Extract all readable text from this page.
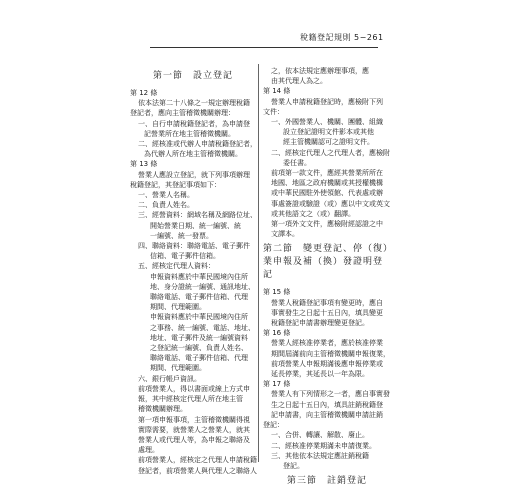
稅籍登記規則 5−261
第一節　設立登記
第 12 條
依本法第二十八條之一規定辦理稅籍
登記者，應向主管稽徵機關辦理：
一、自行申請稅籍登記者，為申請登
記營業所在地主管稽徵機關。
二、經核准或代辦人申請稅籍登記者，
為代辦人所在地主管稽徵機關。
第 13 條
營業人應設立登記，就下列事項辦理
稅籍登記，其登記事項如下：
一、營業人名稱。
二、負責人姓名。
三、經營資料：網域名稱及網路位址、
開始營業日期、統一編號、統
一編號、統一發票。
四、聯絡資料：聯絡電話、電子郵件
信箱、電子郵件信箱。
五、經核定代理人資料：
申報資料應於中華民國境內住所
地、身分證統一編號、通訊地址、
聯絡電話、電子郵件信箱、代理
期間、代理範圍。
申報資料應於中華民國境內住所
之事務、統一編號、電話、地址、
地址、電子郵件及統一編號資料
之登記統一編號、負責人姓名、
聯絡電話、電子郵件信箱、代理
期間、代理範圍。
六、銀行帳戶資訊。
前項營業人，得以書面或線上方式申
報，其中經核定代理人所在地主管
稽徵機關辦理。
第一項申報事項，主管稽徵機關得視
實際需要，就營業人之營業人，就其
營業人或代理人等，為申報之聯絡及
處理。
前項營業人，經核定之代理人申請稅籍
登記者，前項營業人與代理人之聯絡人
之，依本法規定應辦理事項，應
由其代理人為之。
第 14 條
營業人申請稅籍登記時，應檢附下列
文件：
一、外國營業人、機關、團體、組織
設立登記證明文件影本或其他
經主管機關認可之證明文件。
二、經核定代理人之代理人者，應檢附
委任書。
前項第一款文件，應經其營業所所在
地國、地區之政府機關或其授權機構
或中華民國駐外使領館、代表處或辦
事處簽證或驗證（或）應以中文或英文
或其他語文之（或）翻譯。
第一項外文文件，應檢附經認證之中
文譯本。
第二節　變更登記、停（復）業申報及補（換）發證明登記
第 15 條
營業人稅籍登記事項有變更時，應自
事實發生之日起十五日內，填具變更
稅籍登記申請書辦理變更登記。
第 16 條
營業人經核准停業者，應於核准停業
期間屆滿前向主管稽徵機關申報復業，
前項營業人申報期滿後應申報停業或
延長停業，其延長以一年為限。
第 17 條
營業人有下列情形之一者，應自事實發
生之日起十五日內，填具註銷稅籍登
記申請書，向主管稽徵機關申請註銷
登記：
一、合併、轉讓、解散、廢止。
二、經核准停業期滿未申請復業。
三、其他依本法規定應註銷稅籍
登記。
第三節　註銷登記
